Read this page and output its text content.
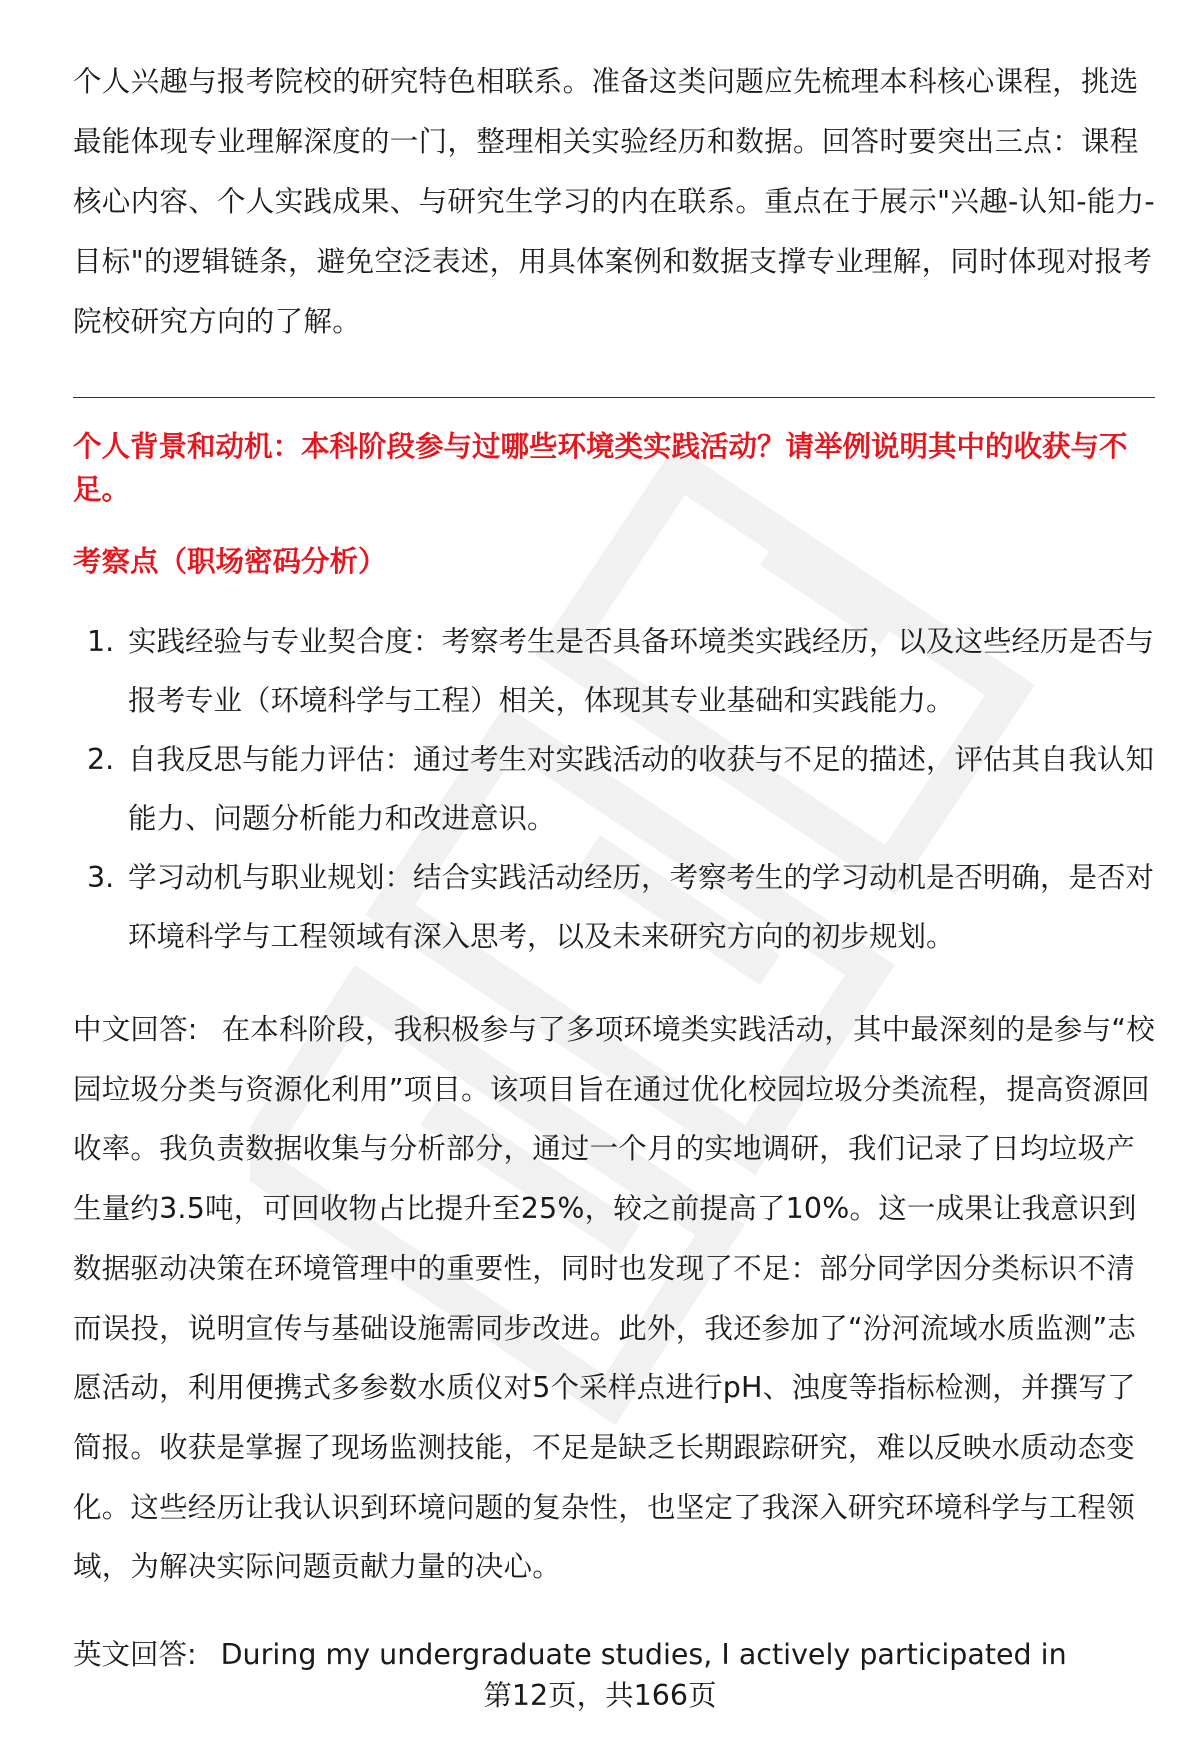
个人兴趣与报考院校的研究特色相联系。准备这类问题应先梳理本科核心课程，挑选最能体现专业理解深度的一门，整理相关实验经历和数据。回答时要突出三点：课程核心内容、个人实践成果、与研究生学习的内在联系。重点在于展示"兴趣-认知-能力-目标"的逻辑链条，避免空泛表述，用具体案例和数据支撑专业理解，同时体现对报考院校研究方向的了解。
个人背景和动机：本科阶段参与过哪些环境类实践活动？请举例说明其中的收获与不足。
考察点（职场密码分析）
1. 实践经验与专业契合度：考察考生是否具备环境类实践经历，以及这些经历是否与报考专业（环境科学与工程）相关，体现其专业基础和实践能力。
2. 自我反思与能力评估：通过考生对实践活动的收获与不足的描述，评估其自我认知能力、问题分析能力和改进意识。
3. 学习动机与职业规划：结合实践活动经历，考察考生的学习动机是否明确，是否对环境科学与工程领域有深入思考，以及未来研究方向的初步规划。
中文回答: 在本科阶段，我积极参与了多项环境类实践活动，其中最深刻的是参与“校园垃圾分类与资源化利用”项目。该项目旨在通过优化校园垃圾分类流程，提高资源回收率。我负责数据收集与分析部分，通过一个月的实地调研，我们记录了日均垃圾产生量约3.5吨，可回收物占比提升至25%，较之前提高了10%。这一成果让我意识到数据驱动决策在环境管理中的重要性，同时也发现了不足：部分同学因分类标识不清而误投，说明宣传与基础设施需同步改进。此外，我还参加了“汾河流域水质监测”志愿活动，利用便携式多参数水质仪对5个采样点进行pH、浊度等指标检测，并撰写了简报。收获是掌握了现场监测技能，不足是缺乏长期跟踪研究，难以反映水质动态变化。这些经历让我认识到环境问题的复杂性，也坚定了我深入研究环境科学与工程领域，为解决实际问题贡献力量的决心。
英文回答: During my undergraduate studies, I actively participated in
第12页，共166页
